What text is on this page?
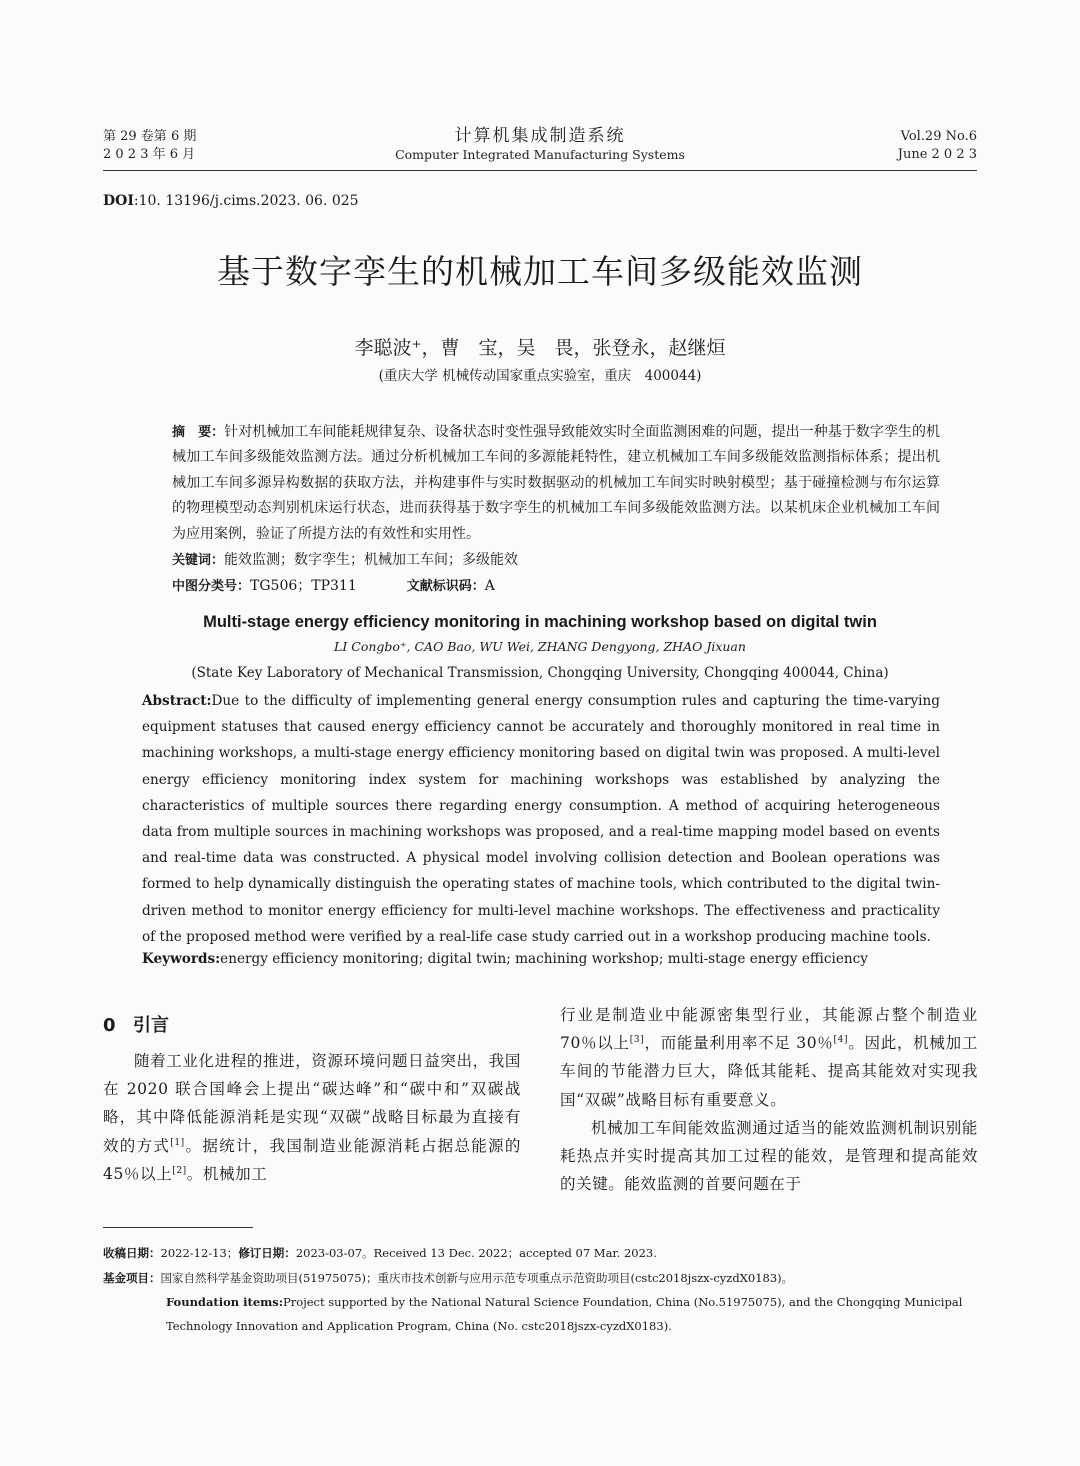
第 29 卷第 6 期
2 0 2 3 年 6 月
计算机集成制造系统
Computer Integrated Manufacturing Systems
Vol.29 No.6
June 2 0 2 3
DOI:10. 13196/j.cims.2023. 06. 025
基于数字孪生的机械加工车间多级能效监测
李聪波⁺，曹　宝，吴　畏，张登永，赵继烜
(重庆大学 机械传动国家重点实验室，重庆　400044)
摘　要：针对机械加工车间能耗规律复杂、设备状态时变性强导致能效实时全面监测困难的问题，提出一种基于数字孪生的机械加工车间多级能效监测方法。通过分析机械加工车间的多源能耗特性，建立机械加工车间多级能效监测指标体系；提出机械加工车间多源异构数据的获取方法，并构建事件与实时数据驱动的机械加工车间实时映射模型；基于碰撞检测与布尔运算的物理模型动态判别机床运行状态，进而获得基于数字孪生的机械加工车间多级能效监测方法。以某机床企业机械加工车间为应用案例，验证了所提方法的有效性和实用性。
关键词：能效监测；数字孪生；机械加工车间；多级能效
中图分类号：TG506；TP311	文献标识码：A
Multi-stage energy efficiency monitoring in machining workshop based on digital twin
LI Congbo⁺, CAO Bao, WU Wei, ZHANG Dengyong, ZHAO Jixuan
(State Key Laboratory of Mechanical Transmission, Chongqing University, Chongqing 400044, China)
Abstract:Due to the difficulty of implementing general energy consumption rules and capturing the time-varying equipment statuses that caused energy efficiency cannot be accurately and thoroughly monitored in real time in machining workshops, a multi-stage energy efficiency monitoring based on digital twin was proposed. A multi-level energy efficiency monitoring index system for machining workshops was established by analyzing the characteristics of multiple sources there regarding energy consumption. A method of acquiring heterogeneous data from multiple sources in machining workshops was proposed, and a real-time mapping model based on events and real-time data was constructed. A physical model involving collision detection and Boolean operations was formed to help dynamically distinguish the operating states of machine tools, which contributed to the digital twin-driven method to monitor energy efficiency for multi-level machine workshops. The effectiveness and practicality of the proposed method were verified by a real-life case study carried out in a workshop producing machine tools.
Keywords:energy efficiency monitoring; digital twin; machining workshop; multi-stage energy efficiency
0 引言
随着工业化进程的推进，资源环境问题日益突出，我国在 2020 联合国峰会上提出“碳达峰”和“碳中和”双碳战略，其中降低能源消耗是实现“双碳”战略目标最为直接有效的方式[1]。据统计，我国制造业能源消耗占据总能源的 45％以上[2]。机械加工

行业是制造业中能源密集型行业，其能源占整个制造业 70％以上[3]，而能量利用率不足 30％[4]。因此，机械加工车间的节能潜力巨大，降低其能耗、提高其能效对实现我国“双碳”战略目标有重要意义。

机械加工车间能效监测通过适当的能效监测机制识别能耗热点并实时提高其加工过程的能效，是管理和提高能效的关键。能效监测的首要问题在于

收稿日期：2022-12-13；修订日期：2023-03-07。Received 13 Dec. 2022；accepted 07 Mar. 2023.
基金项目：国家自然科学基金资助项目(51975075)；重庆市技术创新与应用示范专项重点示范资助项目(cstc2018jszx-cyzdX0183)。
Foundation items:Project supported by the National Natural Science Foundation, China (No.51975075), and the Chongqing Municipal Technology Innovation and Application Program, China (No. cstc2018jszx-cyzdX0183).
